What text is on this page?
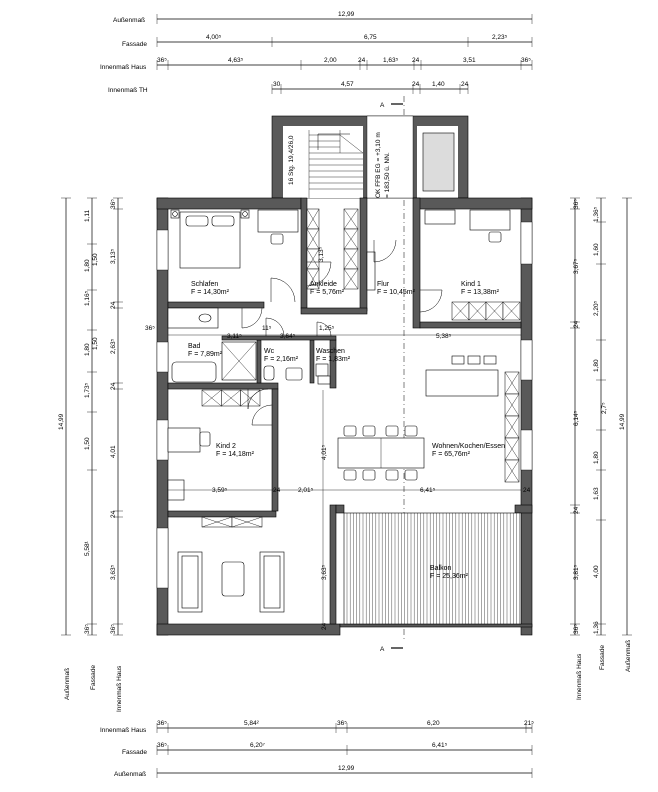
Außenmaß
12,99
Fassade
4,00⁵	6,75	2,23⁵
Innenmaß Haus
36⁵	4,63⁵	2,00	24	1,63⁵ 24	3,51	36⁵
Innenmaß TH
30	4,57	24 1,40	24
A
16 Stg. 19,4/26,0	OK FFB EG = +3,10 m = 183,50 ü. NN.
A
Schlafen
F = 14,30m²
Ankleide
F = 5,76m²
Flur
F = 10,45m²
Kind 1
F = 13,38m²
Bad
F = 7,89m²	Wc
F = 2,16m²
Waschen
F = 1,83m²
Kind 2
F = 14,18m²
Wohnen/Kochen/Essen
F = 65,76m²
Balkon
F = 25,36m²
3,11⁵
11⁵
3,64⁵
1,25⁵
5,38⁵
3,13⁵
36⁵
3,59⁵	24	2,01⁵	6,41⁵	24
4,01⁵
3,63⁵
24
14,99
Außenmaß
1,11
1,80
1,16⁵
1,80
1,73⁵
1,50
5,58¹
36⁵
Fassade
1,50
1,50
36⁵
3,13⁵
24
2,63⁵
24
4,01
24
3,63⁵
36⁵
Innenmaß Haus
36⁵
3,67⁵
24
6,14⁵
24
3,81⁵
36⁵
Innenmaß Haus
1,36⁵
1,60
2,20⁵
1,80
1,80
1,63
4,00
1,36
Fassade
2,7⁵
14,99
Außenmaß
Innenmaß Haus
36⁵	5,84²	36⁵	6,20	21⁵
Fassade
36⁵	6,20⁷	6,41⁵
Außenmaß
12,99
